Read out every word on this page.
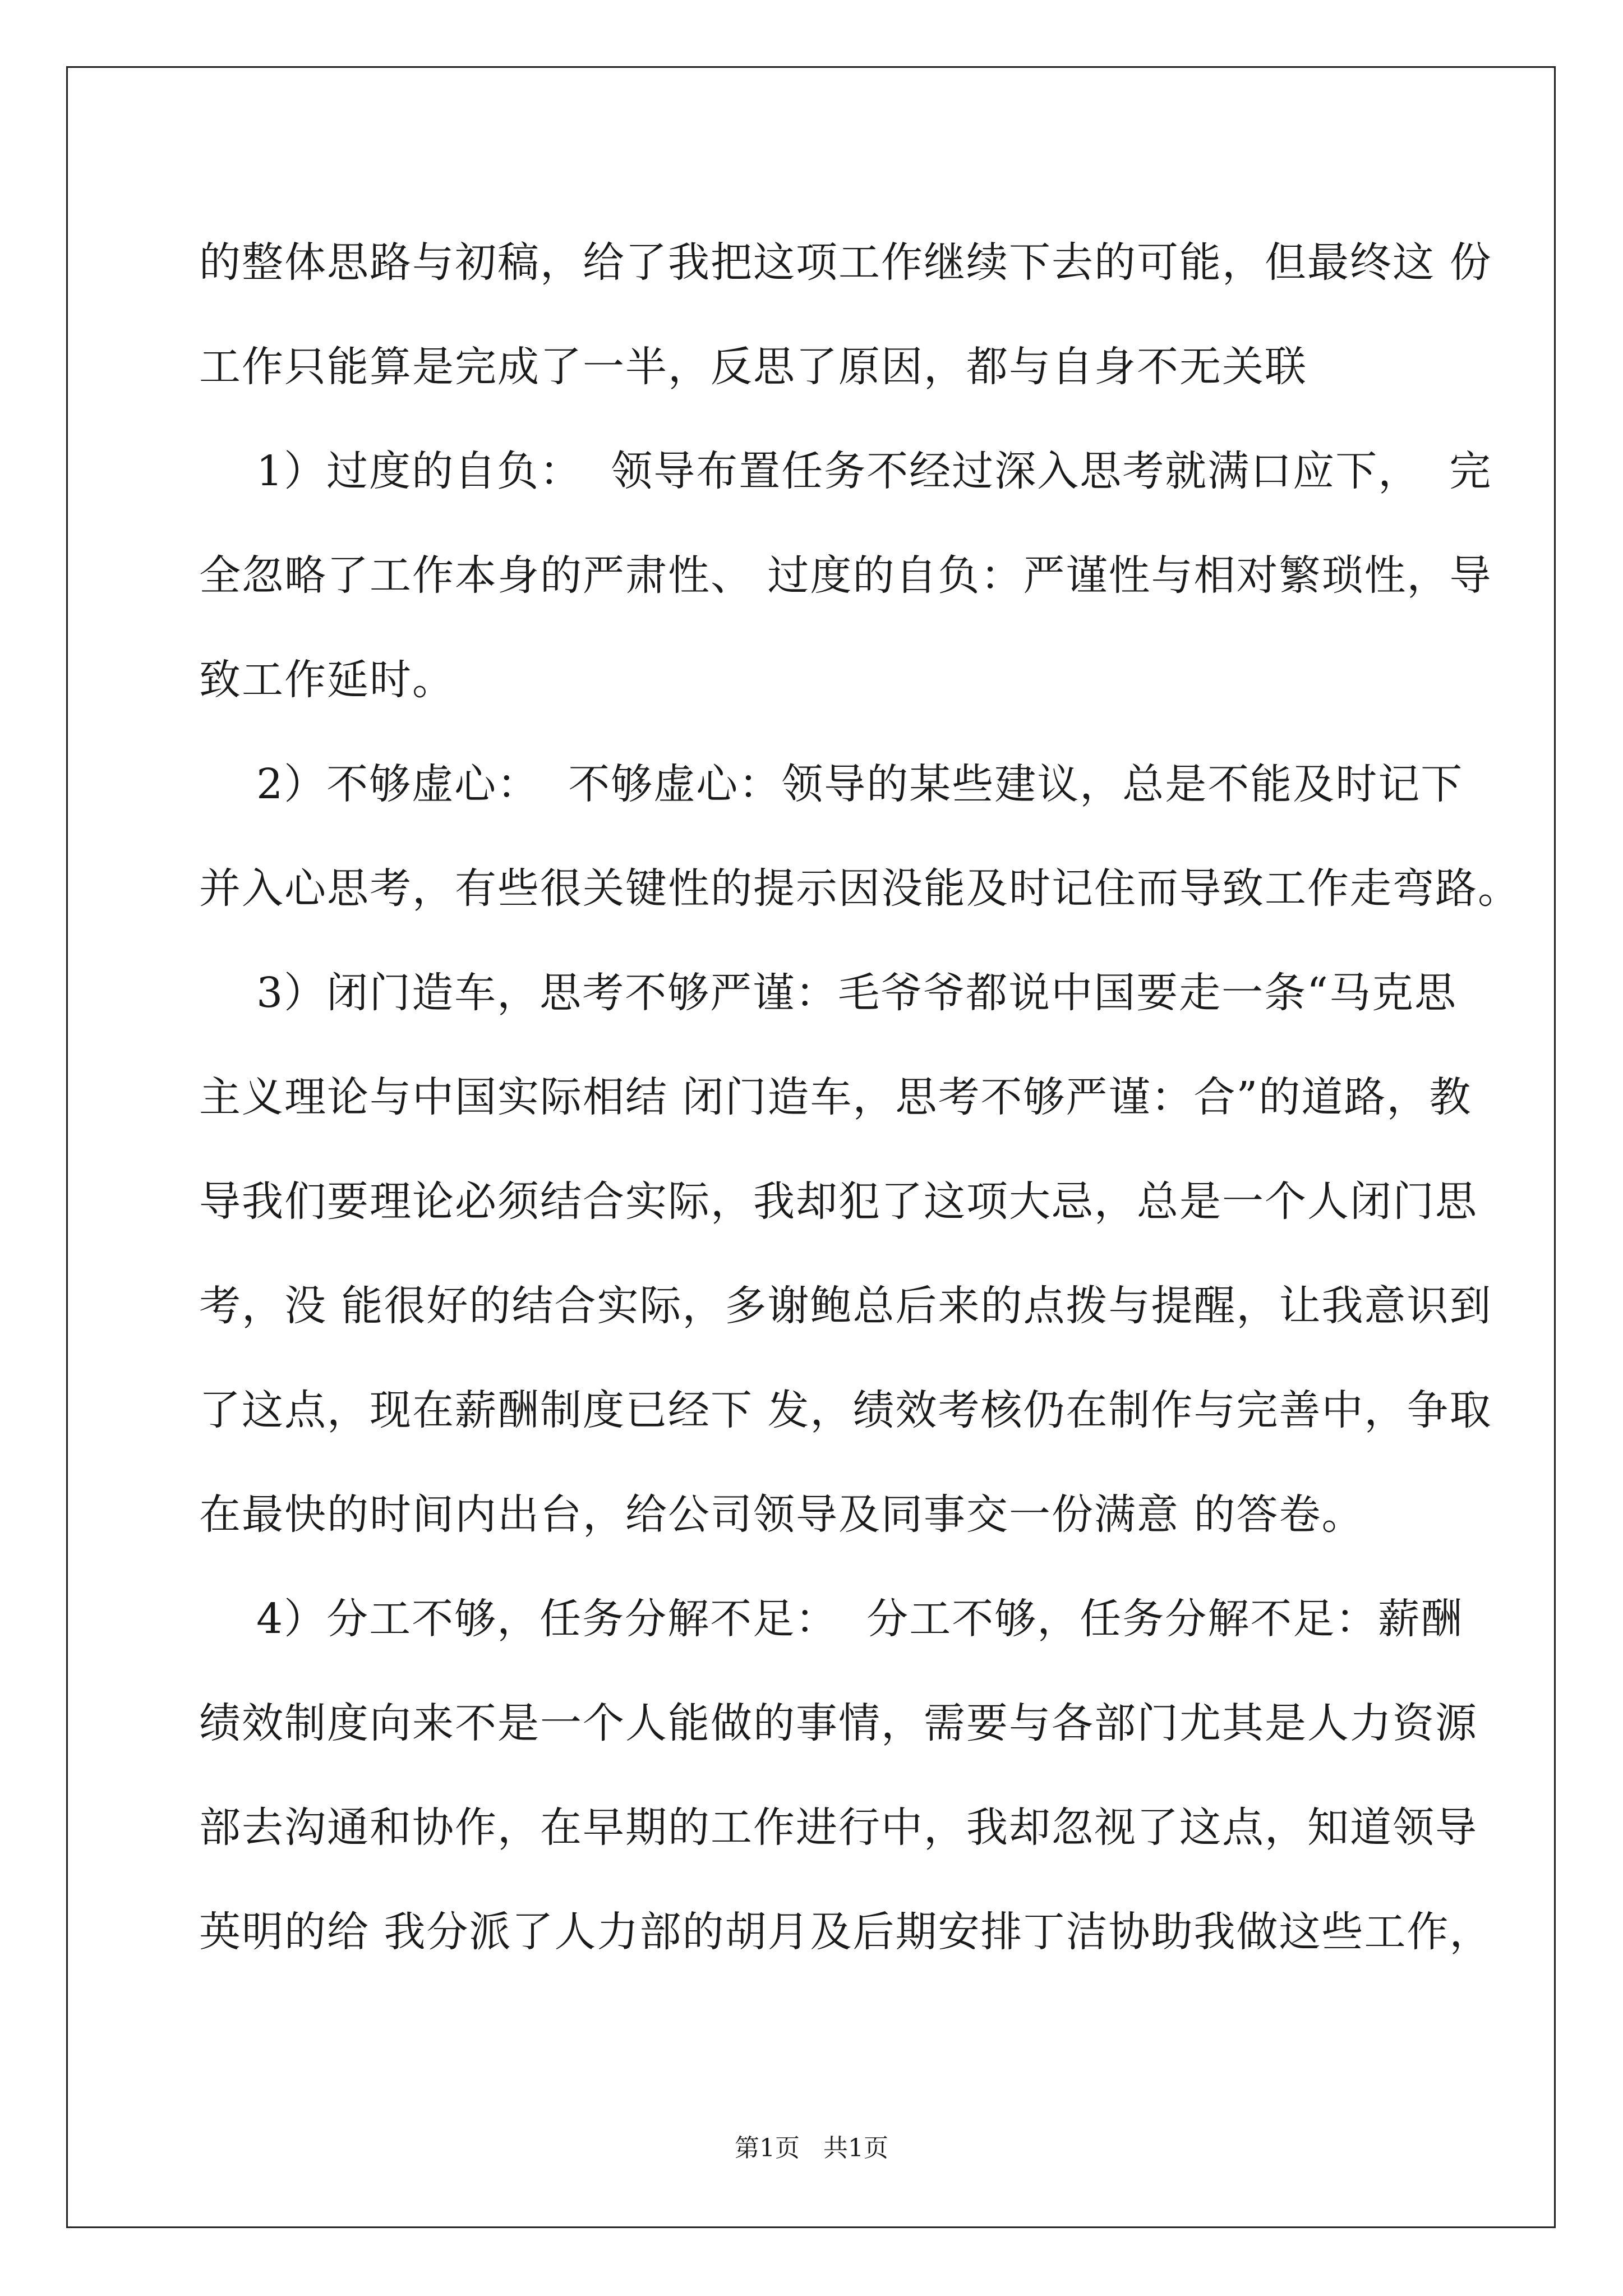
的整体思路与初稿，给了我把这项工作继续下去的可能，但最终这 份
工作只能算是完成了一半，反思了原因，都与自身不无关联
1）过度的自负：  领导布置任务不经过深入思考就满口应下，  完
全忽略了工作本身的严肃性、 过度的自负：严谨性与相对繁琐性，导
致工作延时。
2）不够虚心：  不够虚心：领导的某些建议，总是不能及时记下
并入心思考，有些很关键性的提示因没能及时记住而导致工作走弯路。
3）闭门造车，思考不够严谨：毛爷爷都说中国要走一条“马克思
主义理论与中国实际相结 闭门造车，思考不够严谨：合”的道路，教
导我们要理论必须结合实际，我却犯了这项大忌，总是一个人闭门思
考，没 能很好的结合实际，多谢鲍总后来的点拨与提醒，让我意识到
了这点，现在薪酬制度已经下 发，绩效考核仍在制作与完善中，争取
在最快的时间内出台，给公司领导及同事交一份满意 的答卷。
4）分工不够，任务分解不足：  分工不够，任务分解不足：薪酬
绩效制度向来不是一个人能做的事情，需要与各部门尤其是人力资源
部去沟通和协作，在早期的工作进行中，我却忽视了这点，知道领导
英明的给 我分派了人力部的胡月及后期安排丁洁协助我做这些工作，
第1页   共1页
